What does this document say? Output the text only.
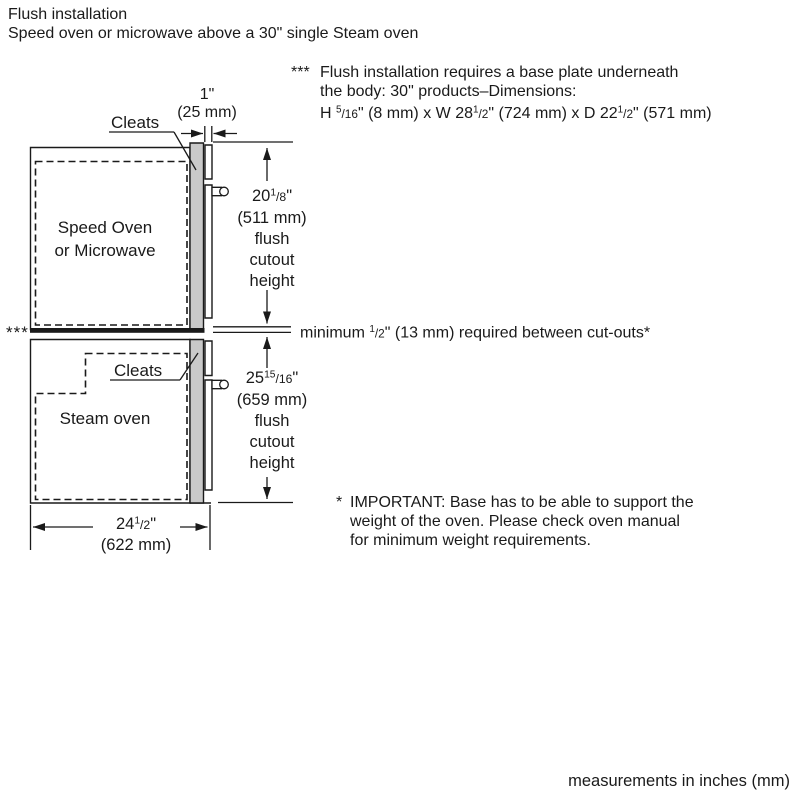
Flush installation
Speed oven or microwave above a 30" single Steam oven
*** Flush installation requires a base plate underneath
the body: 30" products–Dimensions:
H $^5$/16" (8 mm) x W $28^1/2$" (724 mm) x D $22^1/2$" (571 mm)
1"
(25 mm)
Cleats
Speed Oven
or Microwave
$20^1/8$"
(511 mm)
flush
cutout
height
***	minimum $^1$/2" (13 mm) required between cut-outs*
Cleats
Steam oven
$25^{15}/16$"
(659 mm)
flush
cutout
height
$24^1/2$"
(622 mm)
* IMPORTANT: Base has to be able to support the
weight of the oven. Please check oven manual
for minimum weight requirements.
measurements in inches (mm)
